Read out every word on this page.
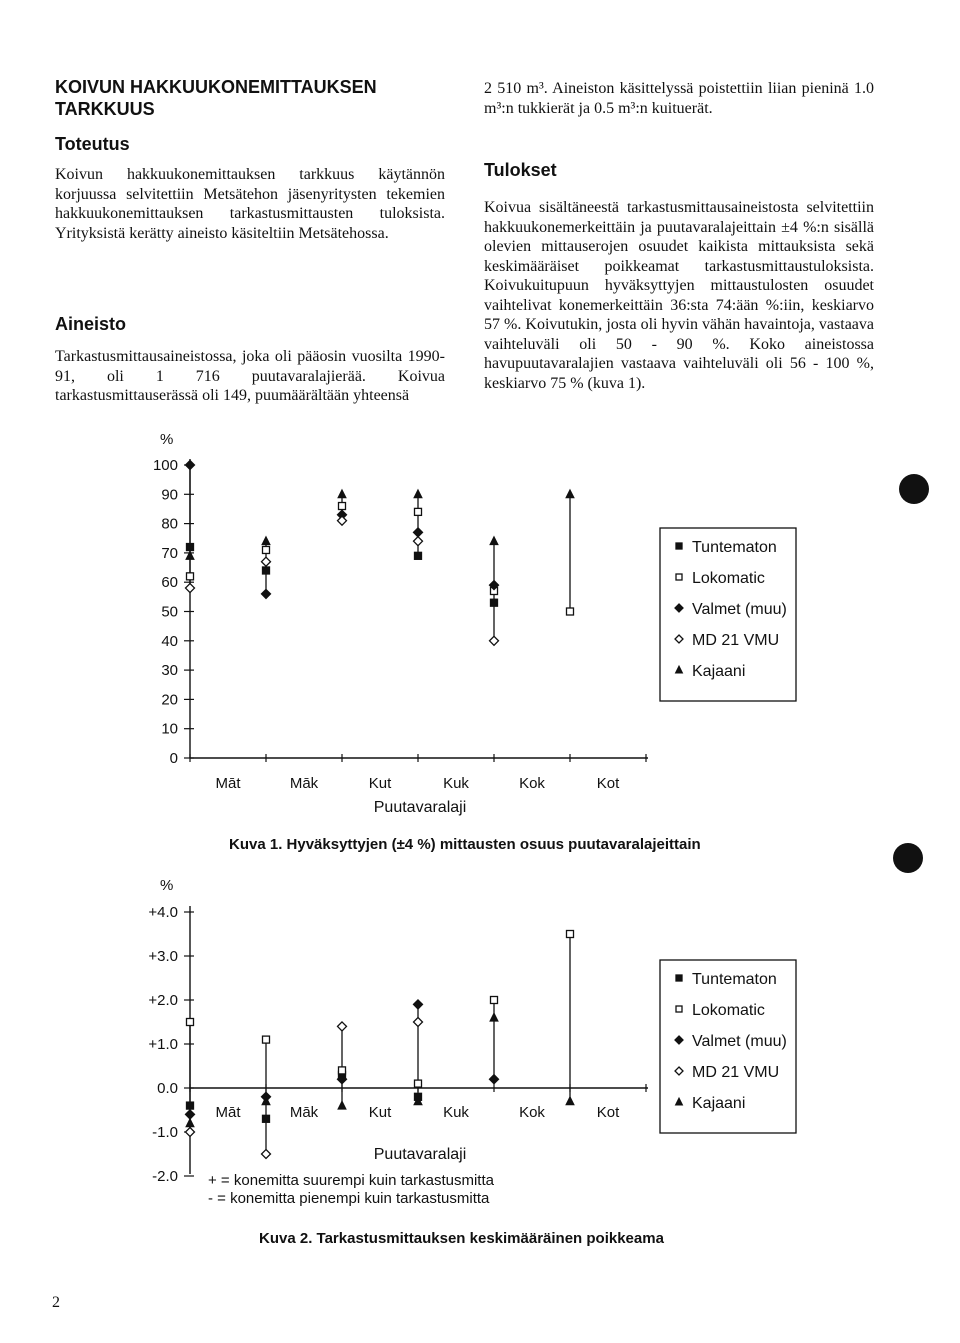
KOIVUN HAKKUUKONEMITTAUKSEN TARKKUUS
Toteutus
Koivun hakkuukonemittauksen tarkkuus käytännön korjuussa selvitettiin Metsätehon jäsenyritysten tekemien hakkuukonemittauksen tarkastusmittausten tuloksista. Yrityksistä kerätty aineisto käsiteltiin Metsätehossa.
Aineisto
Tarkastusmittausaineistossa, joka oli pääosin vuosilta 1990-91, oli 1 716 puutavaralajierää. Koivua tarkastusmittauserässä oli 149, puumäärältään yhteensä
2 510 m³. Aineiston käsittelyssä poistettiin liian pieninä 1.0 m³:n tukkierät ja 0.5 m³:n kuituerät.
Tulokset
Koivua sisältäneestä tarkastusmittausaineistosta selvitettiin hakkuukonemerkeittäin ja puutavaralajeittain ±4 %:n sisällä olevien mittauserojen osuudet kaikista mittauksista sekä keskimääräiset poikkeamat tarkastusmittaustuloksista. Koivukuitupuun hyväksyttyjen mittaustulosten osuudet vaihtelivat konemerkeittäin 36:sta 74:ään %:iin, keskiarvo 57 %. Koivutukin, josta oli hyvin vähän havaintoja, vastaava vaihteluväli oli 50 - 90 %. Koko aineistossa havupuutavaralajien vastaava vaihteluväli oli 56 - 100 %, keskiarvo 75 % (kuva 1).
0
10
20
30
40
50
60
70
80
90
100
%
Māt	Māk	Kut	Kuk	Kok	Kot
Puutavaralaji
Tuntematon
Lokomatic
Valmet (muu)
MD 21 VMU
Kajaani
Kuva 1. Hyväksyttyjen (±4 %) mittausten osuus puutavaralajeittain
-2.0
-1.0
0.0
+1.0
+2.0
+3.0
+4.0
%
Māt	Māk	Kut	Kuk	Kok	Kot
Puutavaralaji
Tuntematon
Lokomatic
Valmet (muu)
MD 21 VMU
Kajaani
Kuva 2. Tarkastusmittauksen keskimääräinen poikkeama
+ = konemitta suurempi kuin tarkastusmitta
- = konemitta pienempi kuin tarkastusmitta
2
